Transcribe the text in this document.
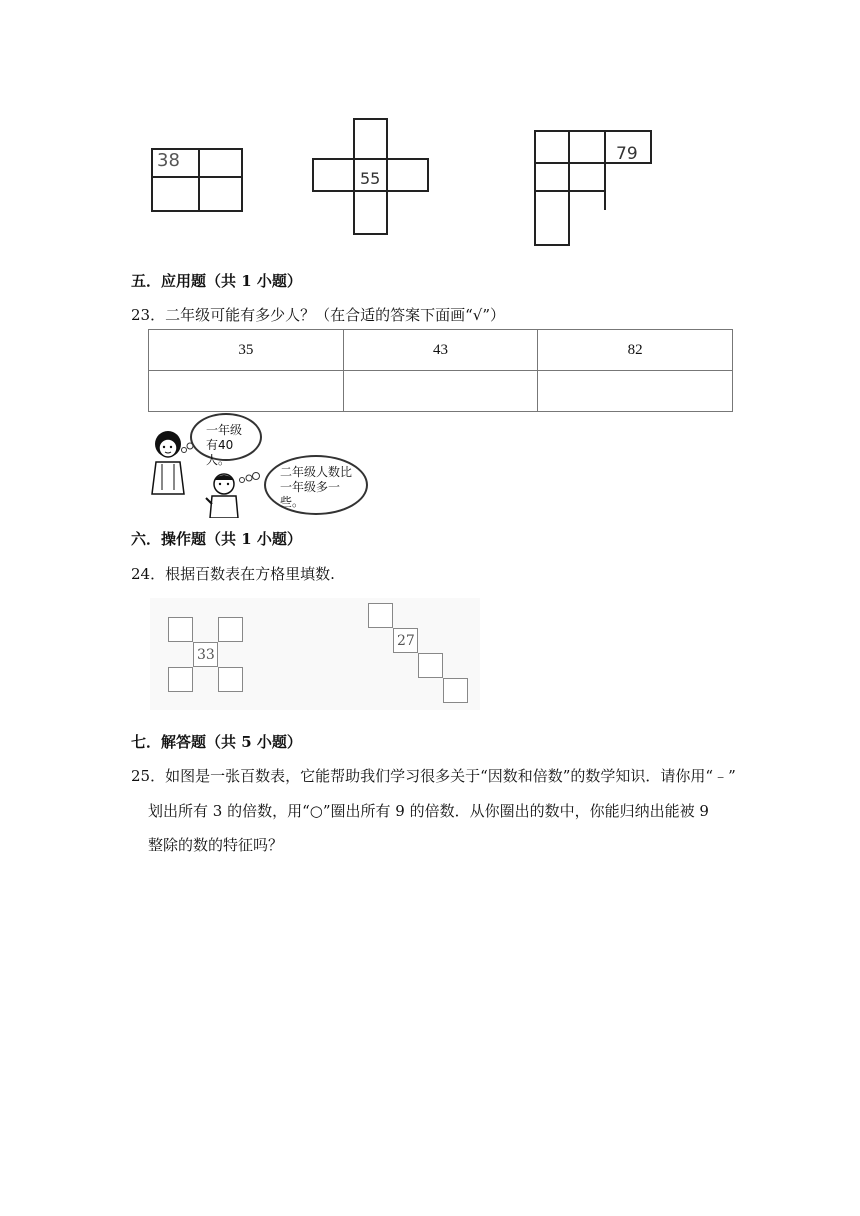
38
55
79
五．应用题（共 1 小题）
23．二年级可能有多少人？（在合适的答案下面画“√”）
35	43	82

一年级有40人。
二年级人数比一年级多一些。
六．操作题（共 1 小题）
24．根据百数表在方格里填数.
33
27
七．解答题（共 5 小题）
25．如图是一张百数表，它能帮助我们学习很多关于“因数和倍数”的数学知识．请你用“﹣”
划出所有 3 的倍数，用“○”圈出所有 9 的倍数．从你圈出的数中，你能归纳出能被 9
整除的数的特征吗？
